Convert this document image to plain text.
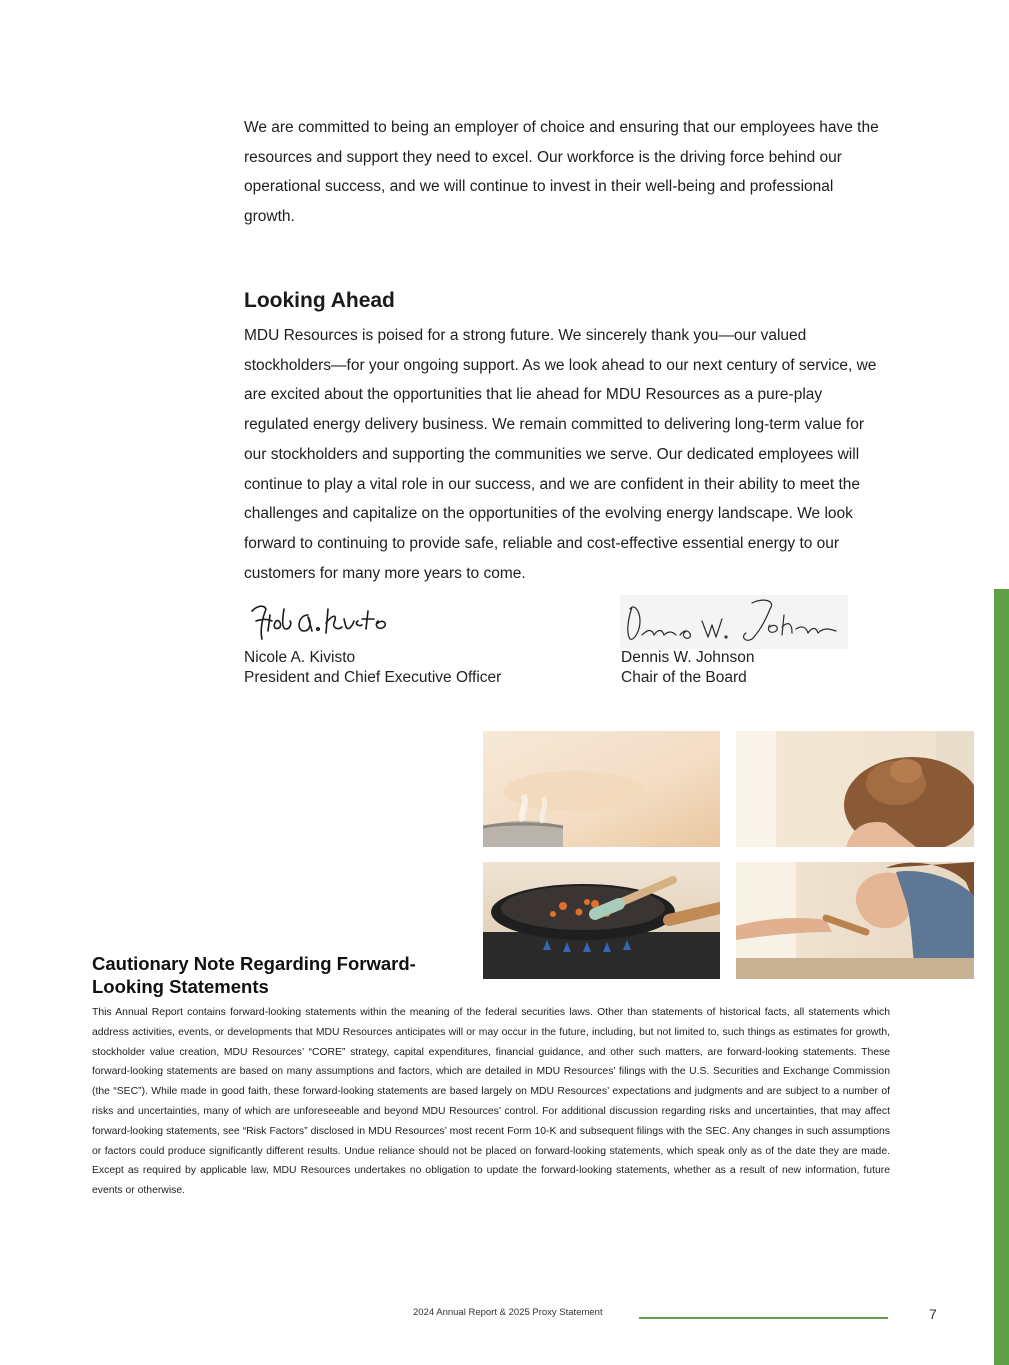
We are committed to being an employer of choice and ensuring that our employees have the resources and support they need to excel. Our workforce is the driving force behind our operational success, and we will continue to invest in their well-being and professional growth.

Looking Ahead

MDU Resources is poised for a strong future. We sincerely thank you—our valued stockholders—for your ongoing support. As we look ahead to our next century of service, we are excited about the opportunities that lie ahead for MDU Resources as a pure-play regulated energy delivery business. We remain committed to delivering long-term value for our stockholders and supporting the communities we serve. Our dedicated employees will continue to play a vital role in our success, and we are confident in their ability to meet the challenges and capitalize on the opportunities of the evolving energy landscape. We look forward to continuing to provide safe, reliable and cost-effective essential energy to our customers for many more years to come.

Nicole A. Kivisto
President and Chief Executive Officer
Dennis W. Johnson
Chair of the Board
Cautionary Note Regarding Forward-Looking Statements

This Annual Report contains forward-looking statements within the meaning of the federal securities laws. Other than statements of historical facts, all statements which address activities, events, or developments that MDU Resources anticipates will or may occur in the future, including, but not limited to, such things as estimates for growth, stockholder value creation, MDU Resources’ “CORE” strategy, capital expenditures, financial guidance, and other such matters, are forward-looking statements. These forward-looking statements are based on many assumptions and factors, which are detailed in MDU Resources’ filings with the U.S. Securities and Exchange Commission (the “SEC”). While made in good faith, these forward-looking statements are based largely on MDU Resources’ expectations and judgments and are subject to a number of risks and uncertainties, many of which are unforeseeable and beyond MDU Resources’ control. For additional discussion regarding risks and uncertainties, that may affect forward-looking statements, see “Risk Factors” disclosed in MDU Resources’ most recent Form 10-K and subsequent filings with the SEC. Any changes in such assumptions or factors could produce significantly different results. Undue reliance should not be placed on forward-looking statements, which speak only as of the date they are made. Except as required by applicable law, MDU Resources undertakes no obligation to update the forward-looking statements, whether as a result of new information, future events or otherwise.

2024 Annual Report & 2025 Proxy Statement	7
